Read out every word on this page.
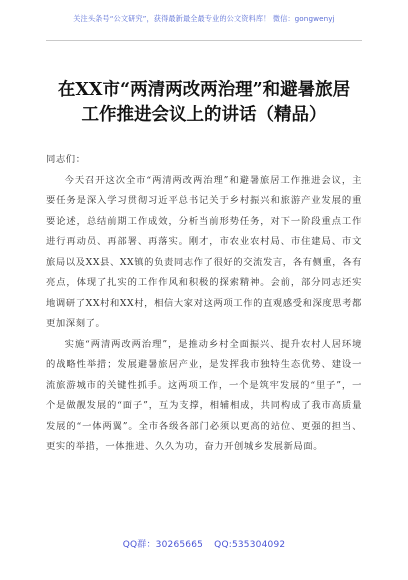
关注头条号“公文研究”，获得最新最全最专业的公文资料库！ 微信：gongwenyj
在XX市“两清两改两治理”和避暑旅居
工作推进会议上的讲话（精品）

同志们：

今天召开这次全市“两清两改两治理”和避暑旅居工作推进会议，主要任务是深入学习贯彻习近平总书记关于乡村振兴和旅游产业发展的重要论述，总结前期工作成效，分析当前形势任务，对下一阶段重点工作进行再动员、再部署、再落实。刚才，市农业农村局、市住建局、市文旅局以及XX县、XX镇的负责同志作了很好的交流发言，各有侧重，各有亮点，体现了扎实的工作作风和积极的探索精神。会前，部分同志还实地调研了XX村和XX村，相信大家对这两项工作的直观感受和深度思考都更加深刻了。

实施“两清两改两治理”，是推动乡村全面振兴、提升农村人居环境的战略性举措；发展避暑旅居产业，是发挥我市独特生态优势、建设一流旅游城市的关键性抓手。这两项工作，一个是筑牢发展的“里子”，一个是做靓发展的“面子”，互为支撑，相辅相成，共同构成了我市高质量发展的“一体两翼”。全市各级各部门必须以更高的站位、更强的担当、更实的举措，一体推进、久久为功，奋力开创城乡发展新局面。

QQ群：30265665 QQ:535304092
